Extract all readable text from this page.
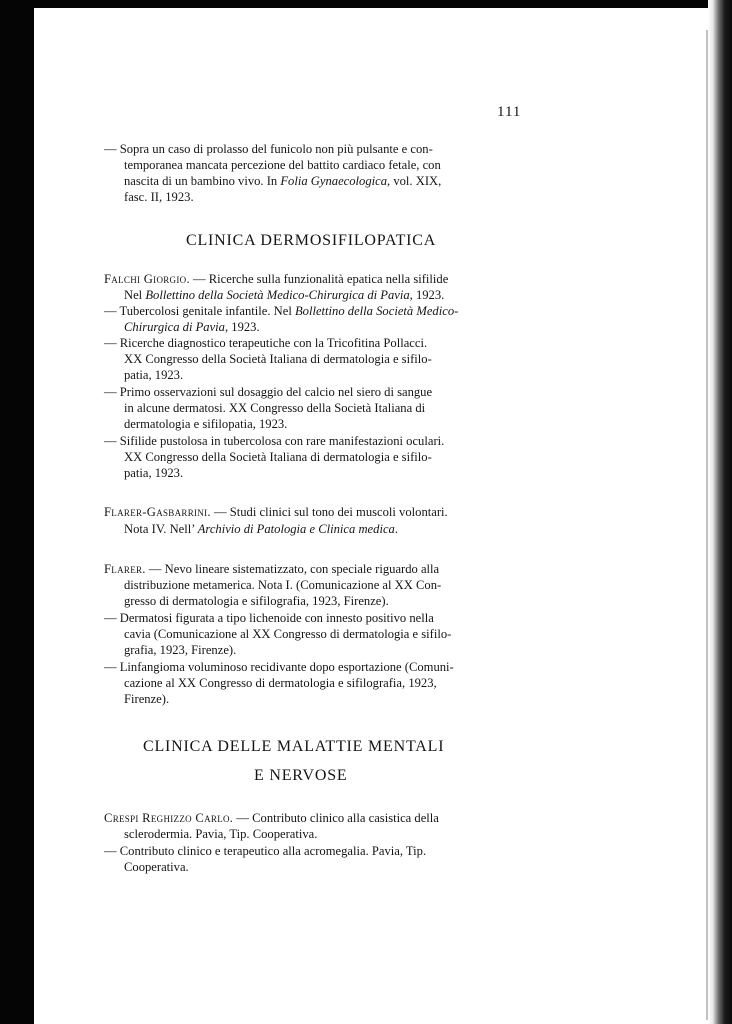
111
— Sopra un caso di prolasso del funicolo non più pulsante e con-
temporanea mancata percezione del battito cardiaco fetale, con
nascita di un bambino vivo. In Folia Gynaecologica, vol. XIX,
fasc. II, 1923.
CLINICA DERMOSIFILOPATICA
Falchi Giorgio. — Ricerche sulla funzionalità epatica nella sifilide
Nel Bollettino della Società Medico-Chirurgica di Pavia, 1923.
— Tubercolosi genitale infantile. Nel Bollettino della Società Medico-
Chirurgica di Pavia, 1923.
— Ricerche diagnostico terapeutiche con la Tricofitina Pollacci.
XX Congresso della Società Italiana di dermatologia e sifilo-
patia, 1923.
— Primo osservazioni sul dosaggio del calcio nel siero di sangue
in alcune dermatosi. XX Congresso della Società Italiana di
dermatologia e sifilopatia, 1923.
— Sifilide pustolosa in tubercolosa con rare manifestazioni oculari.
XX Congresso della Società Italiana di dermatologia e sifilo-
patia, 1923.
Flarer-Gasbarrini. — Studi clinici sul tono dei muscoli volontari.
Nota IV. Nell’ Archivio di Patologia e Clinica medica.
Flarer. — Nevo lineare sistematizzato, con speciale riguardo alla
distribuzione metamerica. Nota I. (Comunicazione al XX Con-
gresso di dermatologia e sifilografia, 1923, Firenze).
— Dermatosi figurata a tipo lichenoide con innesto positivo nella
cavia (Comunicazione al XX Congresso di dermatologia e sifilo-
grafia, 1923, Firenze).
— Linfangioma voluminoso recidivante dopo esportazione (Comuni-
cazione al XX Congresso di dermatologia e sifilografia, 1923,
Firenze).
CLINICA DELLE MALATTIE MENTALI
E NERVOSE
Crespi Reghizzo Carlo. — Contributo clinico alla casistica della
sclerodermia. Pavia, Tip. Cooperativa.
— Contributo clinico e terapeutico alla acromegalia. Pavia, Tip.
Cooperativa.
